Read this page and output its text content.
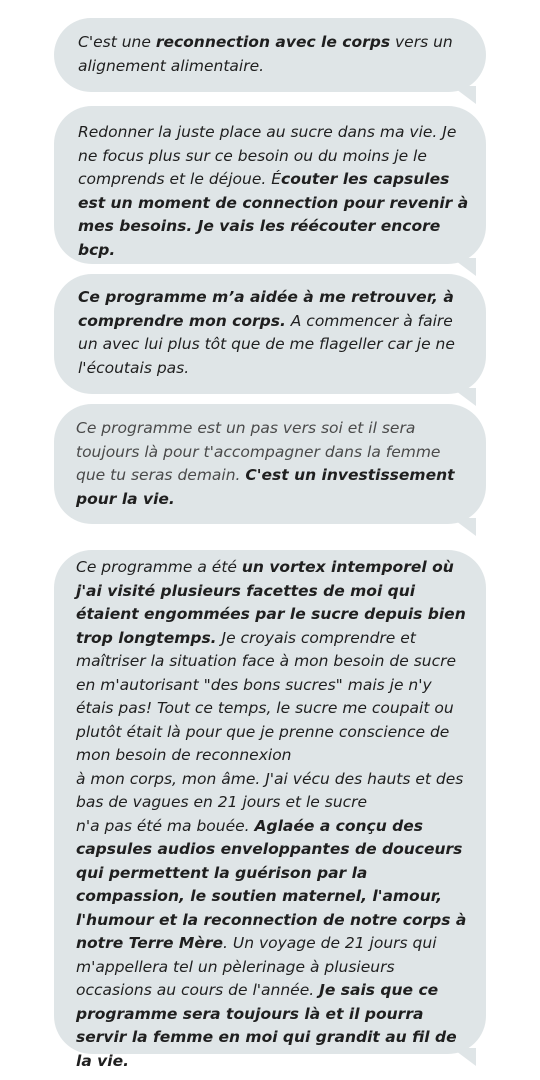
C'est une reconnection avec le corps vers un alignement alimentaire.
Redonner la juste place au sucre dans ma vie. Je ne focus plus sur ce besoin ou du moins je le comprends et le déjoue. Écouter les capsules est un moment de connection pour revenir à mes besoins. Je vais les réécouter encore bcp.
Ce programme m’a aidée à me retrouver, à comprendre mon corps. A commencer à faire un avec lui plus tôt que de me flageller car je ne l'écoutais pas.
Ce programme est un pas vers soi et il sera toujours là pour t'accompagner dans la femme que tu seras demain. C'est un investissement pour la vie.
Ce programme a été un vortex intemporel où j'ai visité plusieurs facettes de moi qui étaient engommées par le sucre depuis bien trop longtemps. Je croyais comprendre et maîtriser la situation face à mon besoin de sucre en m'autorisant "des bons sucres" mais je n'y étais pas! Tout ce temps, le sucre me coupait ou plutôt était là pour que je prenne conscience de mon besoin de reconnexion
à mon corps, mon âme. J'ai vécu des hauts et des bas de vagues en 21 jours et le sucre
n'a pas été ma bouée. Aglaée a conçu des capsules audios enveloppantes de douceurs qui permettent la guérison par la compassion, le soutien maternel, l'amour, l'humour et la reconnection de notre corps à notre Terre Mère. Un voyage de 21 jours qui m'appellera tel un pèlerinage à plusieurs occasions au cours de l'année. Je sais que ce programme sera toujours là et il pourra servir la femme en moi qui grandit au fil de la vie.
